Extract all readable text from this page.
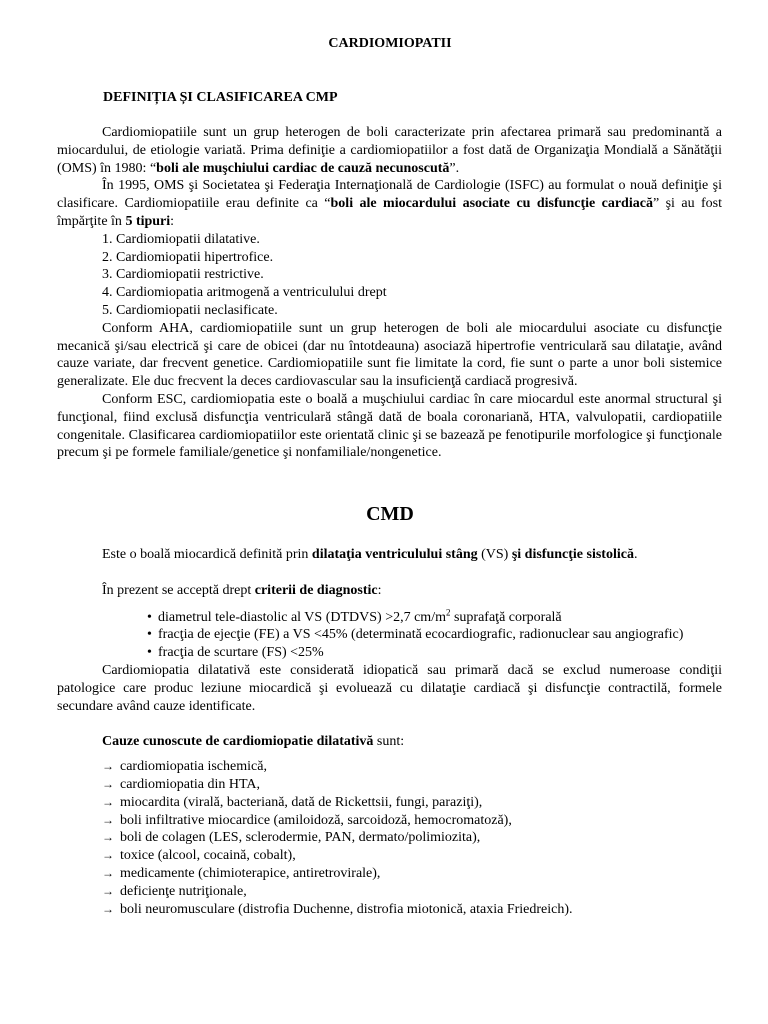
CARDIOMIOPATII
DEFINIȚIA ȘI CLASIFICAREA CMP

Cardiomiopatiile sunt un grup heterogen de boli caracterizate prin afectarea primară sau predominantă a miocardului, de etiologie variată. Prima definiţie a cardiomiopatiilor a fost dată de Organizaţia Mondială a Sănătăţii (OMS) în 1980: “boli ale muşchiului cardiac de cauză necunoscută”.

În 1995, OMS şi Societatea şi Federaţia Internaţională de Cardiologie (ISFC) au formulat o nouă definiţie şi clasificare. Cardiomiopatiile erau definite ca “boli ale miocardului asociate cu disfuncţie cardiacă” şi au fost împărţite în 5 tipuri:

1. Cardiomiopatii dilatative.
2. Cardiomiopatii hipertrofice.
3. Cardiomiopatii restrictive.
4. Cardiomiopatia aritmogenă a ventriculului drept
5. Cardiomiopatii neclasificate.

Conform AHA, cardiomiopatiile sunt un grup heterogen de boli ale miocardului asociate cu disfuncţie mecanică şi/sau electrică şi care de obicei (dar nu întotdeauna) asociază hipertrofie ventriculară sau dilataţie, având cauze variate, dar frecvent genetice. Cardiomiopatiile sunt fie limitate la cord, fie sunt o parte a unor boli sistemice generalizate. Ele duc frecvent la deces cardiovascular sau la insuficienţă cardiacă progresivă.

Conform ESC, cardiomiopatia este o boală a muşchiului cardiac în care miocardul este anormal structural şi funcţional, fiind exclusă disfuncţia ventriculară stângă dată de boala coronariană, HTA, valvulopatii, cardiopatiile congenitale. Clasificarea cardiomiopatiilor este orientată clinic şi se bazează pe fenotipurile morfologice şi funcţionale precum şi pe formele familiale/genetice şi nonfamiliale/nongenetice.

CMD

Este o boală miocardică definită prin dilataţia ventriculului stâng (VS) şi disfuncţie sistolică.

În prezent se acceptă drept criterii de diagnostic:

• diametrul tele-diastolic al VS (DTDVS) >2,7 $cm/m^2$ suprafaţă corporală
• fracţia de ejecţie (FE) a VS <45% (determinată ecocardiografic, radionuclear sau angiografic)
• fracţia de scurtare (FS) <25%

Cardiomiopatia dilatativă este considerată idiopatică sau primară dacă se exclud numeroase condiţii patologice care produc leziune miocardică şi evoluează cu dilataţie cardiacă şi disfuncţie contractilă, formele secundare având cauze identificate.

Cauze cunoscute de cardiomiopatie dilatativă sunt:

→ cardiomiopatia ischemică,
→ cardiomiopatia din HTA,
→ miocardita (virală, bacteriană, dată de Rickettsii, fungi, paraziţi),
→ boli infiltrative miocardice (amiloidoză, sarcoidoză, hemocromatoză),
→ boli de colagen (LES, sclerodermie, PAN, dermato/polimiozita),
→ toxice (alcool, cocaină, cobalt),
→ medicamente (chimioterapice, antiretrovirale),
→ deficienţe nutriţionale,
→ boli neuromusculare (distrofia Duchenne, distrofia miotonică, ataxia Friedreich).
